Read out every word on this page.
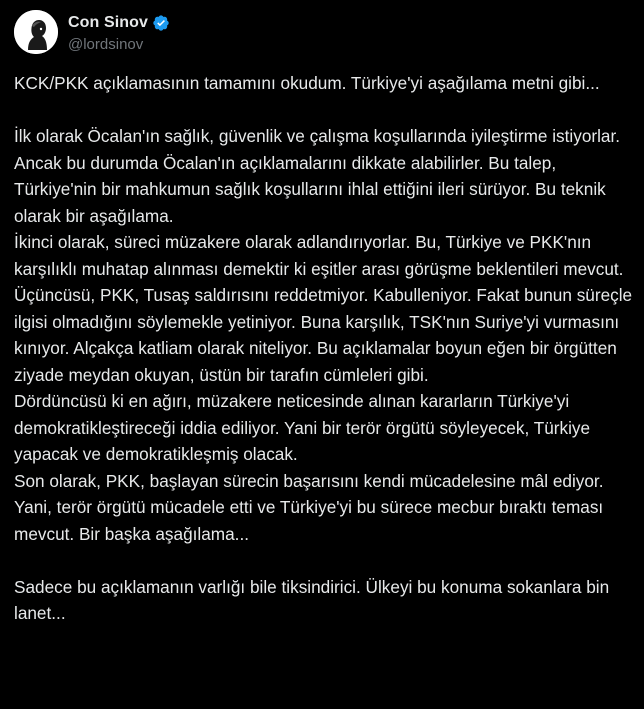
Con Sinov
@lordsinov

KCK/PKK açıklamasının tamamını okudum. Türkiye'yi aşağılama metni gibi...

İlk olarak Öcalan'ın sağlık, güvenlik ve çalışma koşullarında iyileştirme istiyorlar. Ancak bu durumda Öcalan'ın açıklamalarını dikkate alabilirler. Bu talep, Türkiye'nin bir mahkumun sağlık koşullarını ihlal ettiğini ileri sürüyor. Bu teknik olarak bir aşağılama.

İkinci olarak, süreci müzakere olarak adlandırıyorlar. Bu, Türkiye ve PKK'nın karşılıklı muhatap alınması demektir ki eşitler arası görüşme beklentileri mevcut.

Üçüncüsü, PKK, Tusaş saldırısını reddetmiyor. Kabulleniyor. Fakat bunun süreçle ilgisi olmadığını söylemekle yetiniyor. Buna karşılık, TSK'nın Suriye'yi vurmasını kınıyor. Alçakça katliam olarak niteliyor. Bu açıklamalar boyun eğen bir örgütten ziyade meydan okuyan, üstün bir tarafın cümleleri gibi.

Dördüncüsü ki en ağırı, müzakere neticesinde alınan kararların Türkiye'yi demokratikleştireceği iddia ediliyor. Yani bir terör örgütü söyleyecek, Türkiye yapacak ve demokratikleşmiş olacak.

Son olarak, PKK, başlayan sürecin başarısını kendi mücadelesine mâl ediyor. Yani, terör örgütü mücadele etti ve Türkiye'yi bu sürece mecbur bıraktı teması mevcut. Bir başka aşağılama...

Sadece bu açıklamanın varlığı bile tiksindirici. Ülkeyi bu konuma sokanlara bin lanet...
